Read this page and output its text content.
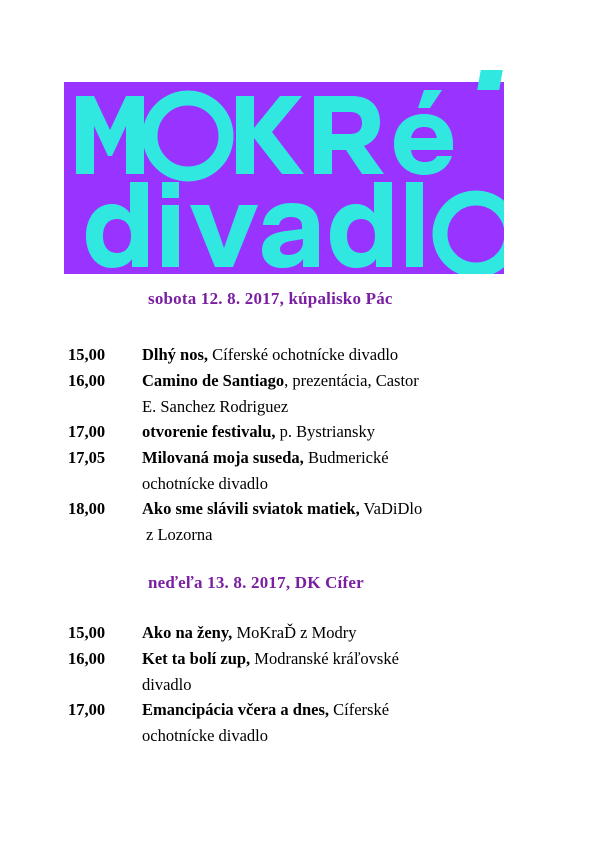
sobota 12. 8. 2017, kúpalisko Pác
15,00	Dlhý nos, Cíferské ochotnícke divadlo
16,00	Camino de Santiago, prezentácia, Castor
E. Sanchez Rodriguez
17,00	otvorenie festivalu, p. Bystriansky
17,05	Milovaná moja suseda, Budmerické
ochotnícke divadlo
18,00	Ako sme slávili sviatok matiek, VaDiDlo
z Lozorna
neďeľa 13. 8. 2017, DK Cífer
15,00	Ako na ženy, MoKraĎ z Modry
16,00	Ket ta bolí zup, Modranské kráľovské
divadlo
17,00	Emancipácia včera a dnes, Cíferské
ochotnícke divadlo
